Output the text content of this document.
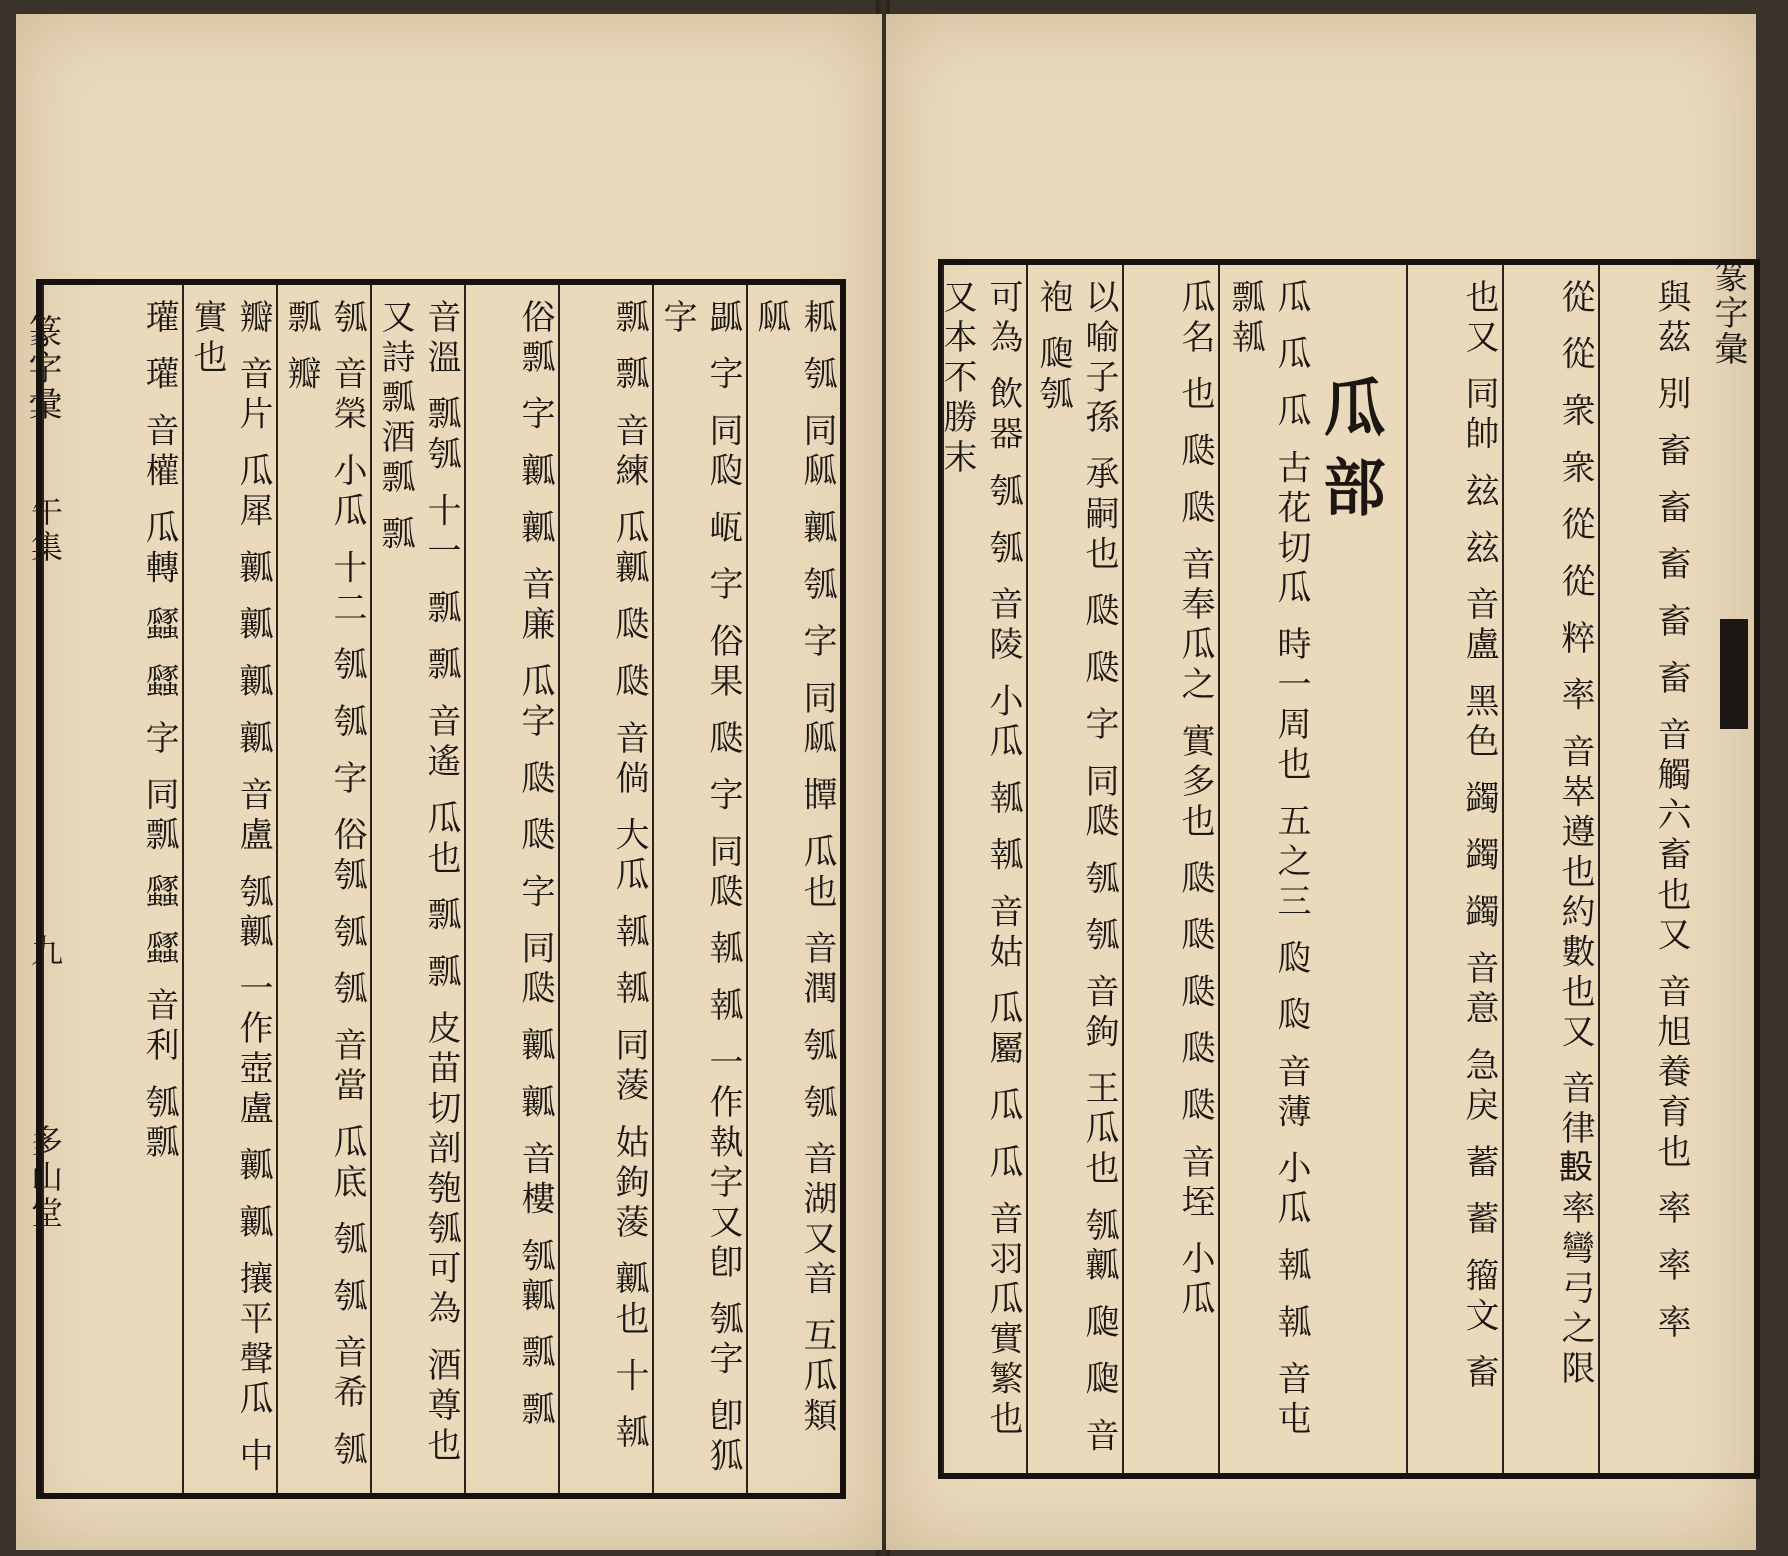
篆字彙
午集
九
多山堂	㼍 瓠 同㼌 瓤 瓠 字 同㼌 㽑 瓜也 音潤 瓠 瓠 音湖又音 互瓜類 㼌
㼔 字 同瓝 㼘 字 俗果 瓞 字 同瓞 瓡 瓡 一作執字又卽 瓠字 卽狐字
瓢 瓢 音練 瓜瓤 瓞 瓞 音倘 大瓜 瓡 瓡 同蔆 姑鉤蔆 瓤也 十 瓡
俗瓢 字 瓤 瓤 音廉 瓜字 瓞 瓞 字 同瓞 瓤 瓤 音樓 瓠瓤 瓢 瓢
音溫 瓢瓠 十一 瓢 瓢 音遙 瓜也 瓢 瓢 皮苗切剖匏瓠可為 酒尊也又詩瓢酒瓢 瓢
瓠 音榮 小瓜 十二 瓠 瓠 字 俗瓠 瓠 瓠 音當 瓜底 瓠 瓠 音希 瓠瓢 瓣
瓣 音片 瓜犀 瓤 瓤 瓤 瓤 音盧 瓠瓤 一作壺盧 瓤 瓤 攘平聲瓜 中實也
瓘 瓘 音權 瓜轉 瓥 瓥 字 同瓢 瓥 瓥 音利 瓠瓢	篆字彙
與茲 別 畜 畜 畜 畜 畜 音觸六畜也又 音旭養育也 率 率 率
從 從 衆 衆 從 從 粹 率 音崒遵也約數也又 音律𣪠率彎弓之限
也又 同帥 玆 玆 音盧 黑色 蠲 蠲 蠲 音意 急戾 蓄 蓄 籀文 畜
瓜部
瓜 瓜 瓜 古花切瓜 時一周也 五之三 瓝 瓝 音薄 小瓜 瓡 瓡 音屯 瓢瓡
瓜名 也 瓞 瓞 音奉瓜之 實多也 瓞 瓞 瓞 瓞 瓞 音垤 小瓜
以喻子孫 承嗣也 瓞 瓞 字 同瓞 瓠 瓠 音鉤 王瓜也 瓠瓤 瓟 瓟 音袍 瓟瓠
可為 飲器 瓠 瓠 音陵 小瓜 瓡 瓡 音姑 瓜屬 瓜 瓜 音羽瓜實繁也 又本不勝末
